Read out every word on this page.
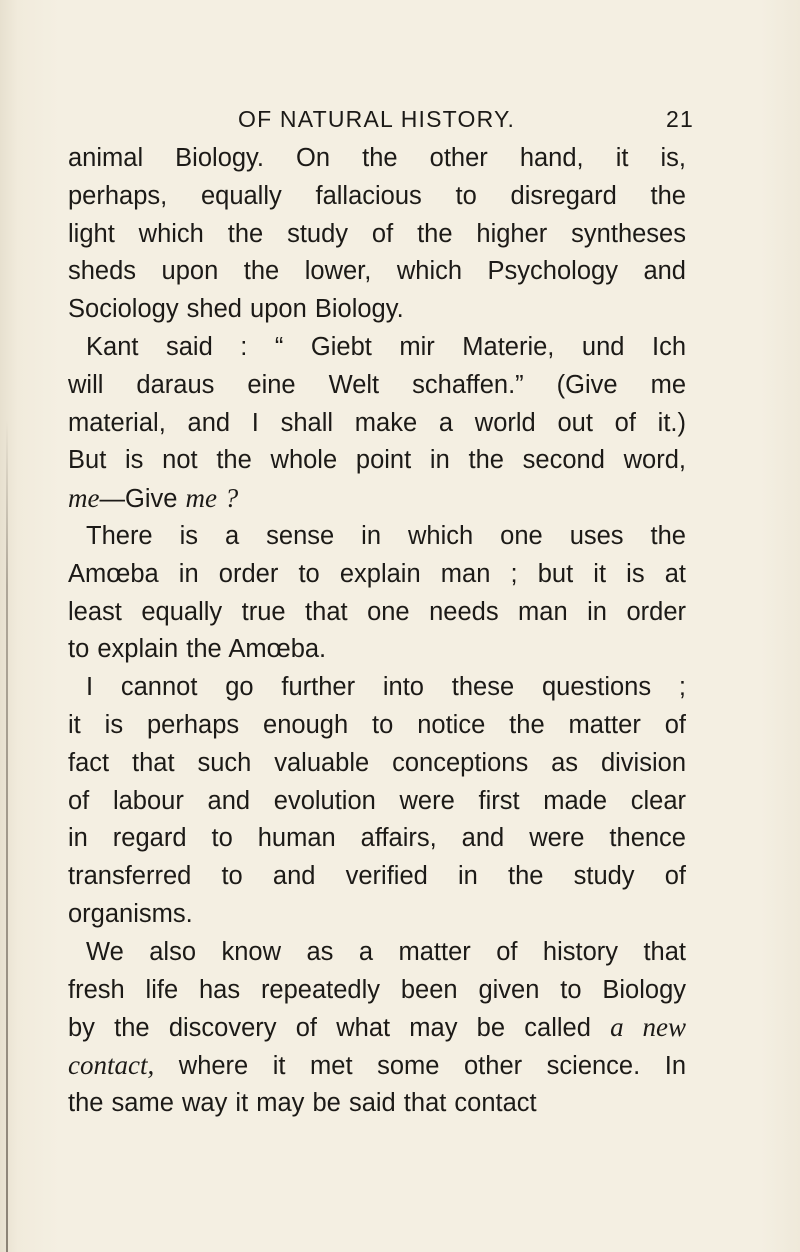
OF NATURAL HISTORY.	21
animal Biology. On the other hand, it is,
perhaps, equally fallacious to disregard the
light which the study of the higher syntheses
sheds upon the lower, which Psychology and
Sociology shed upon Biology.
Kant said : “ Giebt mir Materie, und Ich
will daraus eine Welt schaffen.” (Give me
material, and I shall make a world out of it.)
But is not the whole point in the second word,
me—Give me ?
There is a sense in which one uses the
Amœba in order to explain man ; but it is at
least equally true that one needs man in order
to explain the Amœba.
I cannot go further into these questions ;
it is perhaps enough to notice the matter of
fact that such valuable conceptions as division
of labour and evolution were first made clear
in regard to human affairs, and were thence
transferred to and verified in the study of
organisms.
We also know as a matter of history that
fresh life has repeatedly been given to Biology
by the discovery of what may be called a new
contact, where it met some other science. In
the same way it may be said that contact
